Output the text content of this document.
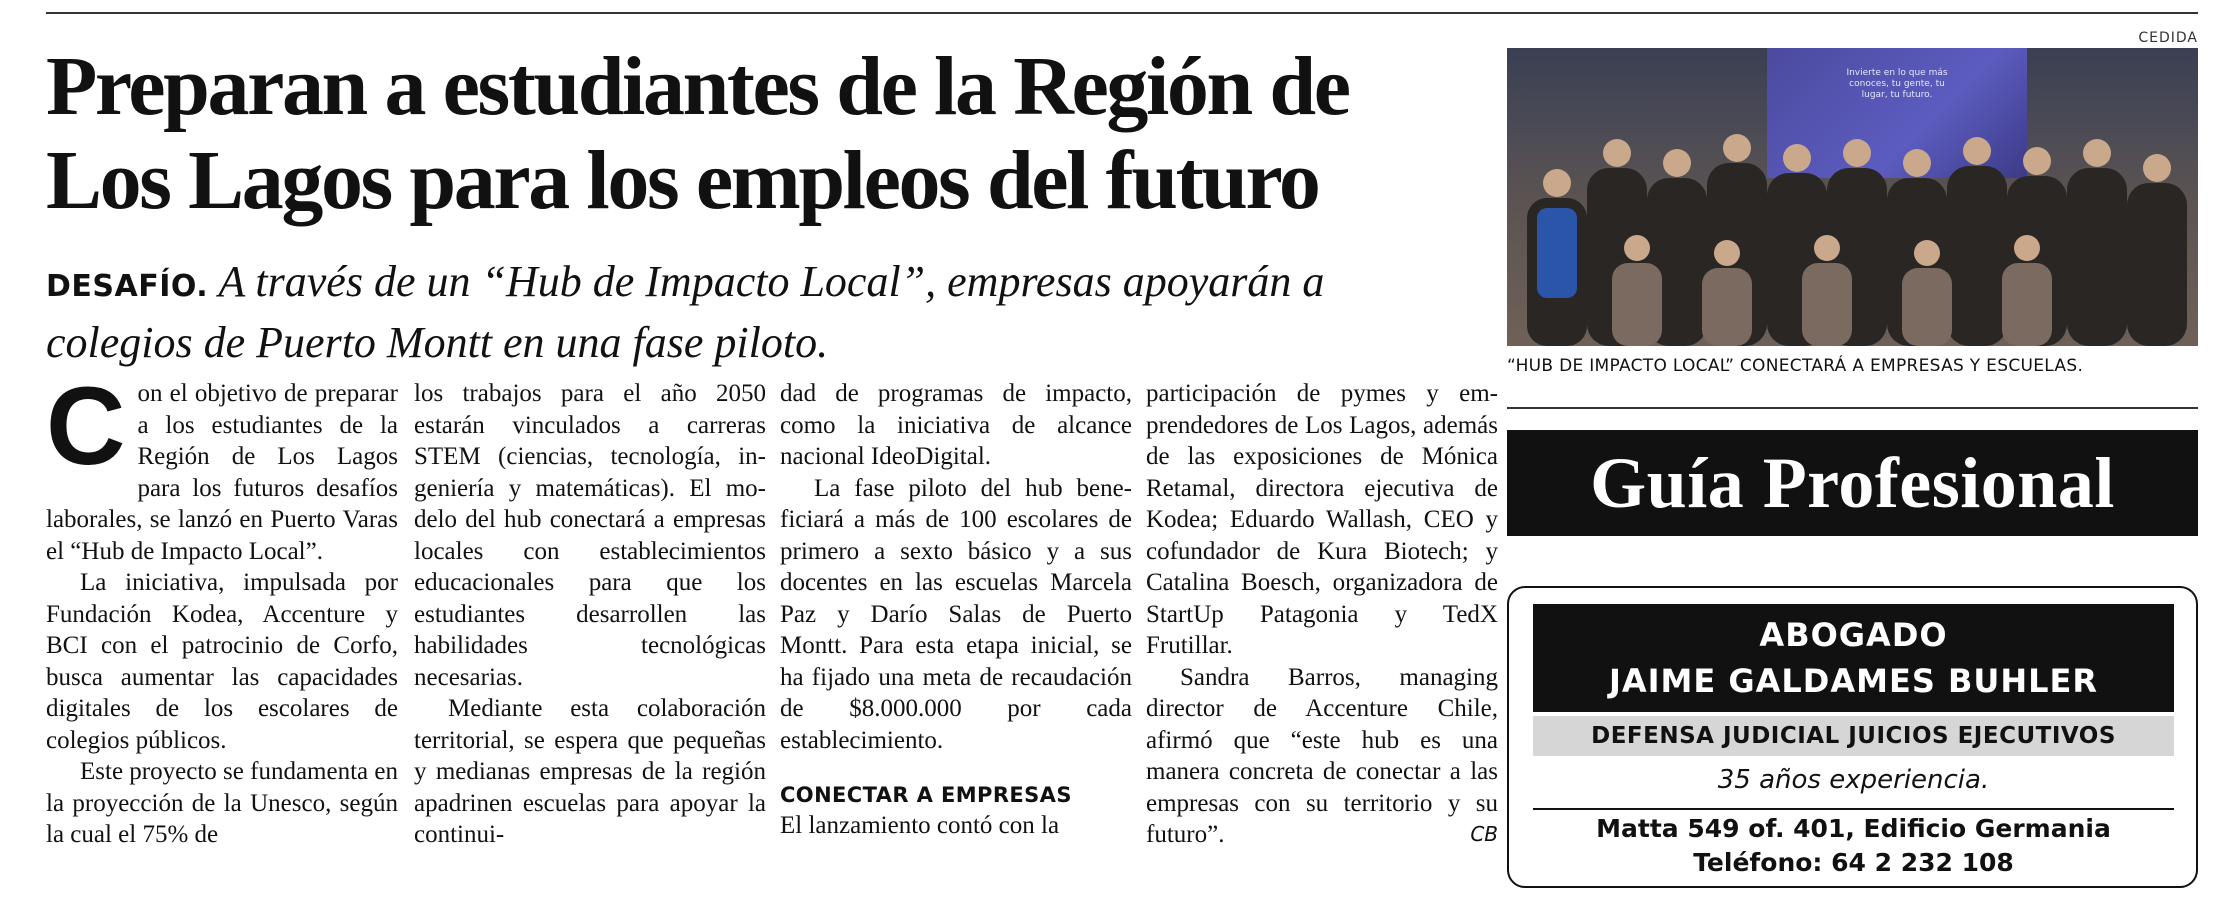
Preparan a estudiantes de la Región de
Los Lagos para los empleos del futuro
DESAFÍO. A través de un “Hub de Impacto Local”, empresas apoyarán a
colegios de Puerto Montt en una fase piloto.

C on el objetivo de preparar a los estudiantes de la Región de Los Lagos para los futuros desafíos laborales, se lanzó en Puerto Varas el “Hub de Impacto Local”.

La iniciativa, impulsada por Fundación Kodea, Accenture y BCI con el patrocinio de Corfo, busca aumentar las capacidades digitales de los escolares de colegios públicos.

Este proyecto se fundamenta en la proyección de la Unesco, según la cual el 75% de

los trabajos para el año 2050 estarán vinculados a carreras STEM (ciencias, tecnología, ingeniería y matemáticas). El modelo del hub conectará a empresas locales con establecimientos educacionales para que los estudiantes desarrollen las habilidades tecnológicas necesarias.

Mediante esta colaboración territorial, se espera que pequeñas y medianas empresas de la región apadrinen escuelas para apoyar la continui-

dad de programas de impacto, como la iniciativa de alcance nacional IdeoDigital.

La fase piloto del hub beneficiará a más de 100 escolares de primero a sexto básico y a sus docentes en las escuelas Marcela Paz y Darío Salas de Puerto Montt. Para esta etapa inicial, se ha fijado una meta de recaudación de $8.000.000 por cada establecimiento.

CONECTAR A EMPRESAS

El lanzamiento contó con la

participación de pymes y emprendedores de Los Lagos, además de las exposiciones de Mónica Retamal, directora ejecutiva de Kodea; Eduardo Wallash, CEO y cofundador de Kura Biotech; y Catalina Boesch, organizadora de StartUp Patagonia y TedX Frutillar.

Sandra Barros, managing director de Accenture Chile, afirmó que “este hub es una manera concreta de conectar a las empresas con su territorio y su futuro”.	CB

CEDIDA
Invierte en lo que más conoces, tu gente, tu lugar, tu futuro.
“HUB DE IMPACTO LOCAL” CONECTARÁ A EMPRESAS Y ESCUELAS.
Guía Profesional
ABOGADO
JAIME GALDAMES BUHLER
DEFENSA JUDICIAL JUICIOS EJECUTIVOS
35 años experiencia.
Matta 549 of. 401, Edificio Germania
Teléfono: 64 2 232 108
